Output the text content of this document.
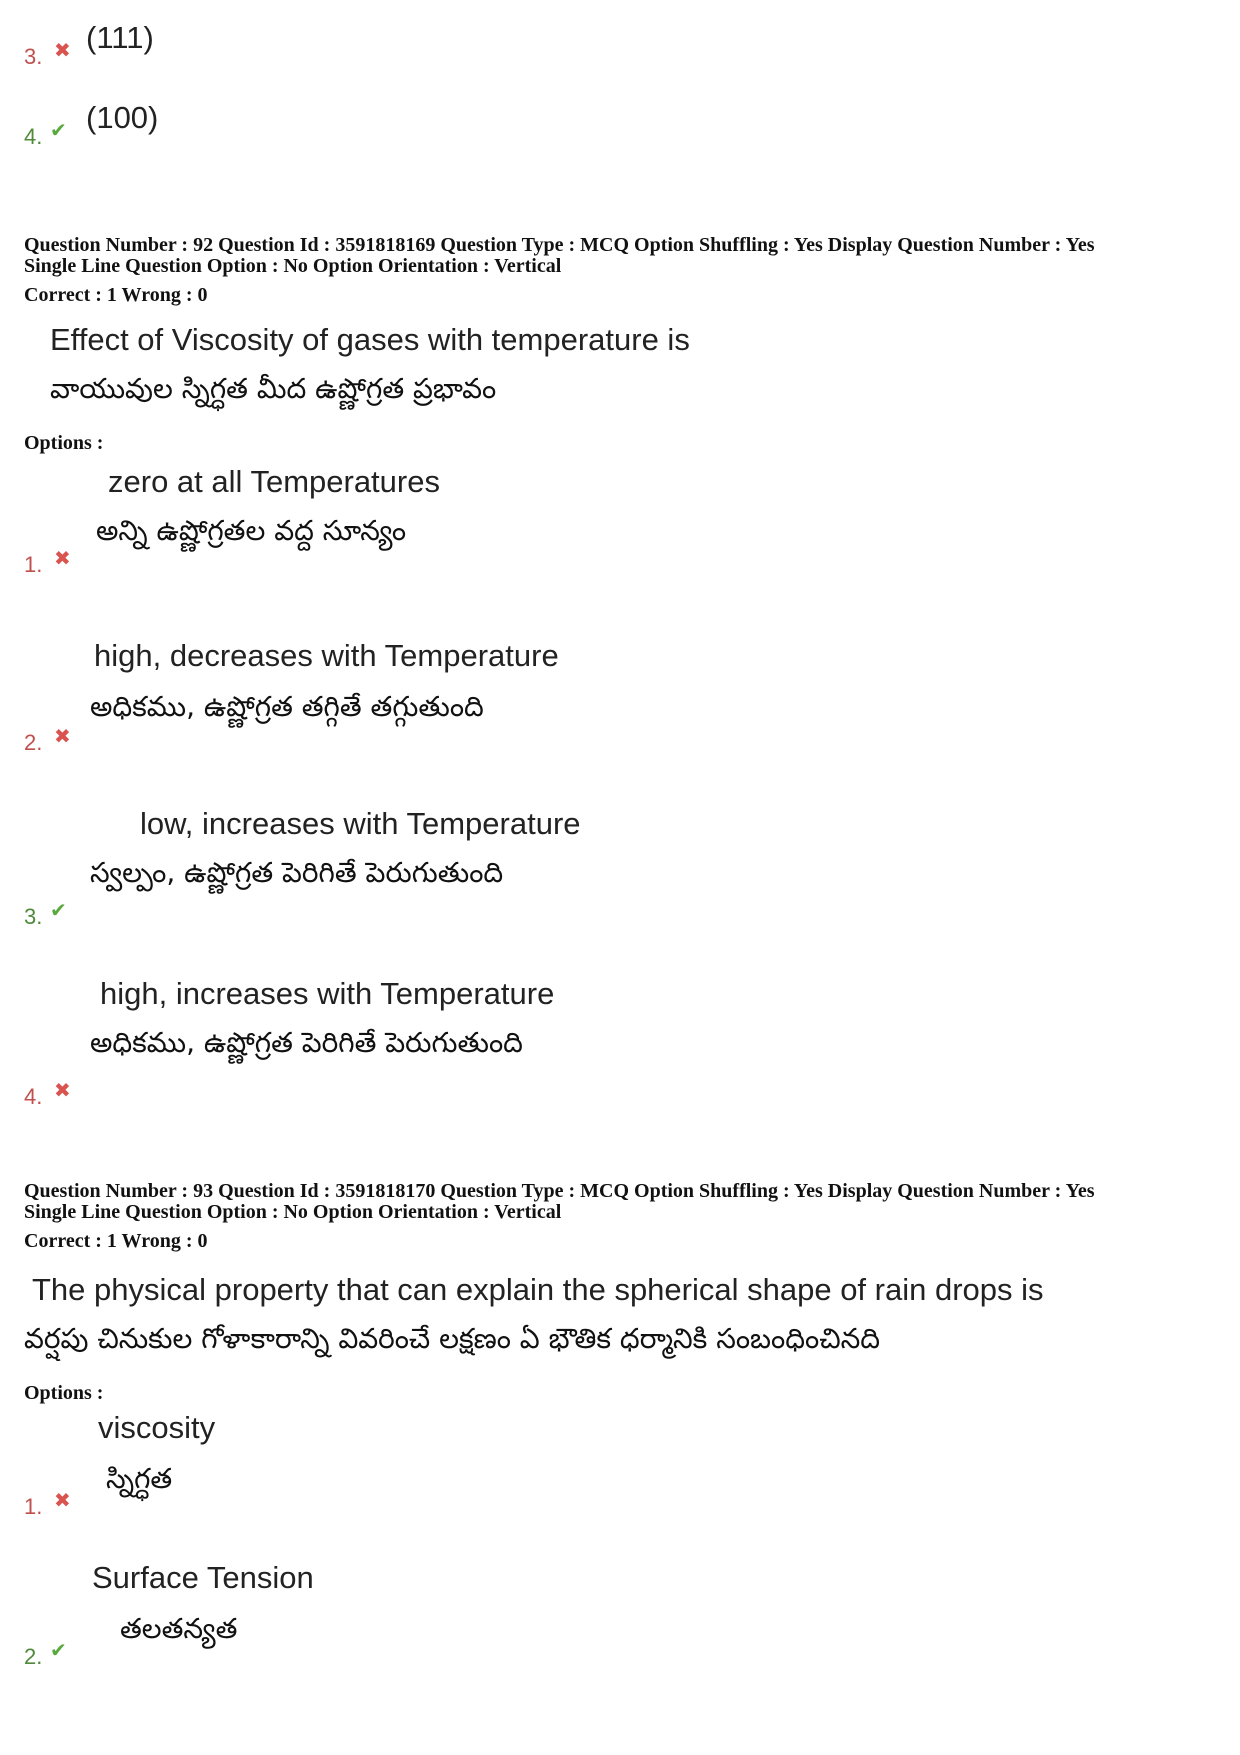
3. ✖ (111)
4. ✔ (100)
Question Number : 92 Question Id : 3591818169 Question Type : MCQ Option Shuffling : Yes Display Question Number : Yes
Single Line Question Option : No Option Orientation : Vertical
Correct : 1 Wrong : 0
Effect of Viscosity of gases with temperature is
వాయువుల స్నిగ్ధత మీద ఉష్ణోగ్రత ప్రభావం
Options :
zero at all Temperatures
అన్ని ఉష్ణోగ్రతల వద్ద సూన్యం
1. ✖
high, decreases with Temperature
అధికము, ఉష్ణోగ్రత తగ్గితే తగ్గుతుంది
2. ✖
low, increases with Temperature
స్వల్పం, ఉష్ణోగ్రత పెరిగితే పెరుగుతుంది
3. ✔
high, increases with Temperature
అధికము, ఉష్ణోగ్రత పెరిగితే పెరుగుతుంది
4. ✖
Question Number : 93 Question Id : 3591818170 Question Type : MCQ Option Shuffling : Yes Display Question Number : Yes
Single Line Question Option : No Option Orientation : Vertical
Correct : 1 Wrong : 0
The physical property that can explain the spherical shape of rain drops is
వర్షపు చినుకుల గోళాకారాన్ని వివరించే లక్షణం ఏ భౌతిక ధర్మానికి సంబంధించినది
Options :
viscosity
స్నిగ్ధత
1. ✖
Surface Tension
తలతన్యత
2. ✔
